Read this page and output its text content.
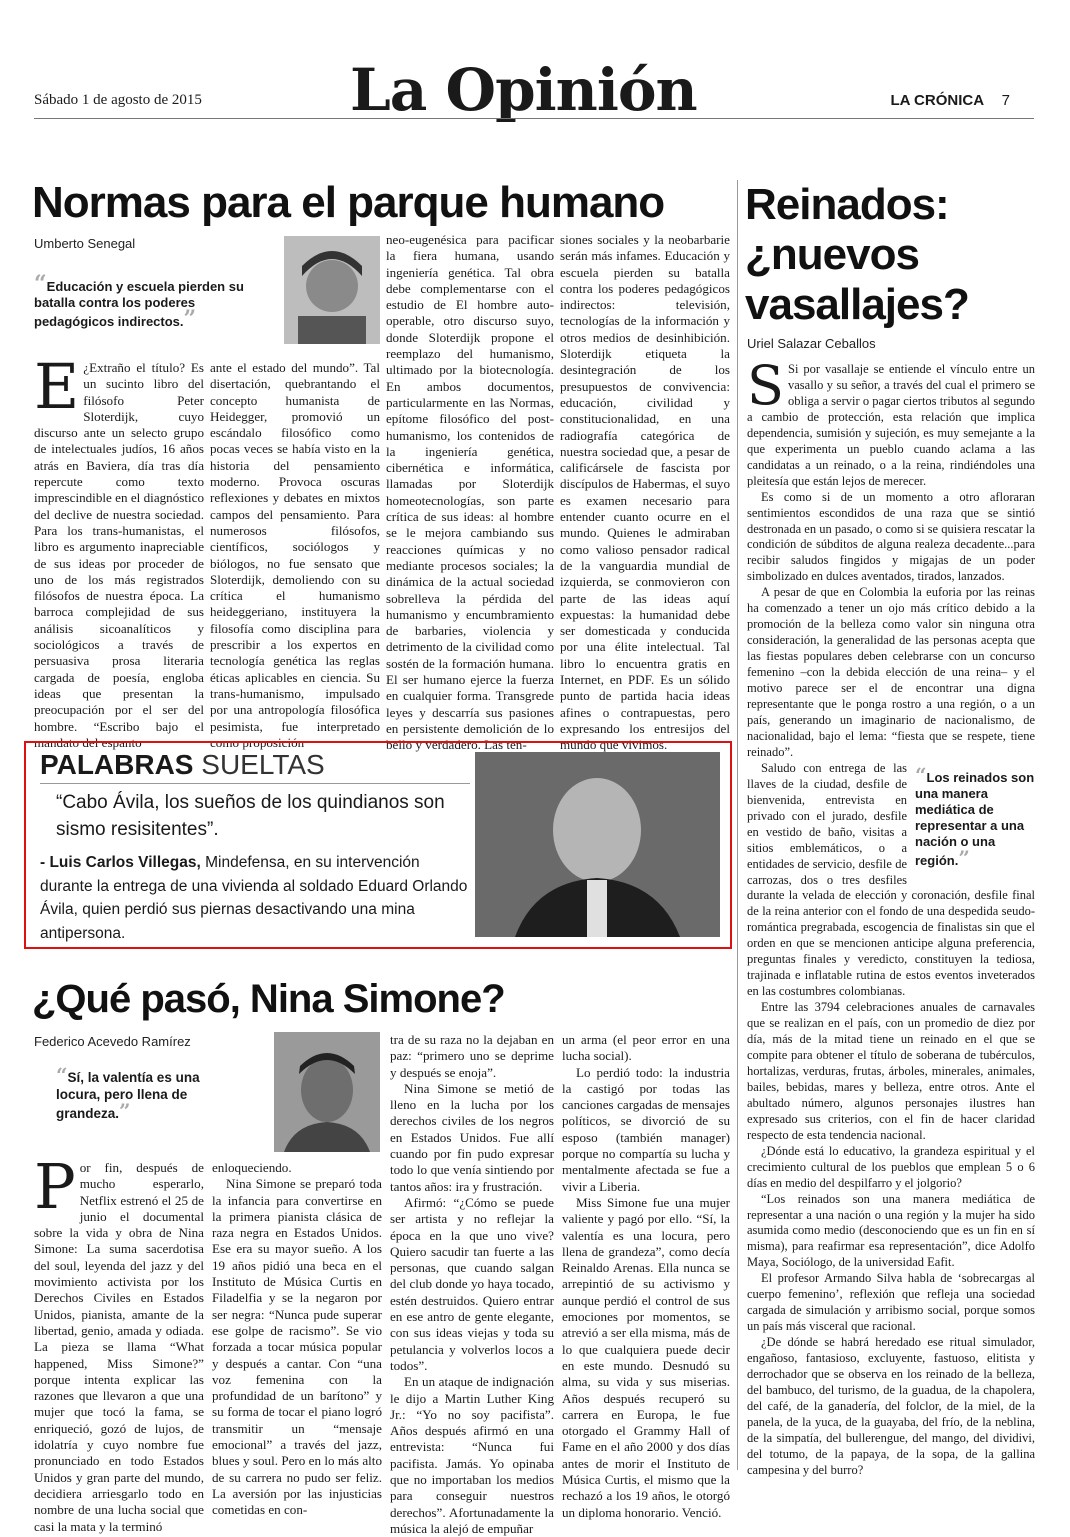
Sábado 1 de agosto de 2015	La Opinión	LA CRÓNICA 7
Normas para el parque humano
Umberto Senegal
“Educación y escuela pierden su batalla contra los poderes pedagógicos indirectos.”

E ¿Extraño el título? Es un sucinto libro del filósofo Peter Sloterdijk, cuyo discurso ante un selecto grupo de intelectuales judíos, 16 años atrás en Baviera, día tras día repercute como texto imprescindible en el diagnóstico del declive de nuestra sociedad. Para los trans-humanistas, el libro es argumento inapreciable de sus ideas por proceder de uno de los más registrados filósofos de nuestra época. La barroca complejidad de sus análisis sicoanalíticos y sociológicos a través de persuasiva prosa literaria cargada de poesía, engloba ideas que presentan la preocupación por el ser del hombre. “Escribo bajo el mandato del espanto

ante el estado del mundo”. Tal disertación, quebrantando el concepto humanista de Heidegger, promovió un escándalo filosófico como pocas veces se había visto en la historia del pensamiento moderno. Provoca oscuras reflexiones y debates en mixtos campos del pensamiento. Para numerosos filósofos, científicos, sociólogos y biólogos, no fue sensato que Sloterdijk, demoliendo con su crítica el humanismo heideggeriano, instituyera la filosofía como disciplina para prescribir a los expertos en tecnología genética las reglas éticas aplicables en ciencia. Su trans-humanismo, impulsado por una antropología filosófica pesimista, fue interpretado como proposición

neo-eugenésica para pacificar la fiera humana, usando ingeniería genética. Tal obra debe complementarse con el estudio de El hombre auto-operable, otro discurso suyo, donde Sloterdijk propone el reemplazo del humanismo, ultimado por la biotecnología. En ambos documentos, particularmente en las Normas, epítome filosófico del post-humanismo, los contenidos de la ingeniería genética, cibernética e informática, llamadas por Sloterdijk homeotecnologías, son parte crítica de sus ideas: al hombre se le mejora cambiando sus reacciones químicas y no mediante procesos sociales; la dinámica de la actual sociedad sobrelleva la pérdida del humanismo y encumbramiento de barbaries, violencia y detrimento de la civilidad como sostén de la formación humana. El ser humano ejerce la fuerza en cualquier forma. Transgrede leyes y descarría sus pasiones en persistente demolición de lo bello y verdadero. Las ten-

siones sociales y la neobarbarie serán más infames. Educación y escuela pierden su batalla contra los poderes pedagógicos indirectos: televisión, tecnologías de la información y otros medios de desinhibición. Sloterdijk etiqueta la desintegración de los presupuestos de convivencia: educación, civilidad y constitucionalidad, en una radiografía categórica de nuestra sociedad que, a pesar de calificársele de fascista por discípulos de Habermas, el suyo es examen necesario para entender cuanto ocurre en el mundo. Quienes le admiraban como valioso pensador radical de la vanguardia mundial de izquierda, se conmovieron con parte de las ideas aquí expuestas: la humanidad debe ser domesticada y conducida por una élite intelectual. Tal libro lo encuentra gratis en Internet, en PDF. Es un sólido punto de partida hacia ideas afines o contrapuestas, pero expresando los entresijos del mundo que vivimos.

Reinados: ¿nuevos vasallajes?
Uriel Salazar Ceballos

S Si por vasallaje se entiende el vínculo entre un vasallo y su señor, a través del cual el primero se obliga a servir o pagar ciertos tributos al segundo a cambio de protección, esta relación que implica dependencia, sumisión y sujeción, es muy semejante a la que experimenta un pueblo cuando aclama a las candidatas a un reinado, o a la reina, rindiéndoles una pleitesía que están lejos de merecer.

Es como si de un momento a otro afloraran sentimientos escondidos de una raza que se sintió destronada en un pasado, o como si se quisiera rescatar la condición de súbditos de alguna realeza decadente...para recibir saludos fingidos y migajas de un poder simbolizado en dulces aventados, tirados, lanzados.

A pesar de que en Colombia la euforia por las reinas ha comenzado a tener un ojo más crítico debido a la promoción de la belleza como valor sin ninguna otra consideración, la generalidad de las personas acepta que las fiestas populares deben celebrarse con un concurso femenino –con la debida elección de una reina– y el motivo parece ser el de encontrar una digna representante que le ponga rostro a una región, o a un país, generando un imaginario de nacionalismo, de nacionalidad, bajo el lema: “fiesta que se respete, tiene reinado”.

“Los reinados son una manera mediática de representar a una nación o una región.”
Saludo con entrega de las llaves de la ciudad, desfile de bienvenida, entrevista en privado con el jurado, desfile en vestido de baño, visitas a sitios emblemáticos, o a entidades de servicio, desfile de carrozas, dos o tres desfiles durante la velada de elección y coronación, desfile final de la reina anterior con el fondo de una despedida seudo-romántica pregrabada, escogencia de finalistas sin que el orden en que se mencionen anticipe alguna preferencia, preguntas finales y veredicto, constituyen la tediosa, trajinada e inflatable rutina de estos eventos inveterados en las costumbres colombianas.

Entre las 3794 celebraciones anuales de carnavales que se realizan en el país, con un promedio de diez por día, más de la mitad tiene un reinado en el que se compite para obtener el título de soberana de tubérculos, hortalizas, verduras, frutas, árboles, minerales, animales, bailes, bebidas, mares y belleza, entre otros. Ante el abultado número, algunos personajes ilustres han expresado sus criterios, con el fin de hacer claridad respecto de esta tendencia nacional.

¿Dónde está lo educativo, la grandeza espiritual y el crecimiento cultural de los pueblos que emplean 5 o 6 días en medio del despilfarro y el jolgorio?

“Los reinados son una manera mediática de representar a una nación o una región y la mujer ha sido asumida como medio (desconociendo que es un fin en sí misma), para reafirmar esa representación”, dice Adolfo Maya, Sociólogo, de la universidad Eafit.

El profesor Armando Silva habla de ‘sobrecargas al cuerpo femenino’, reflexión que refleja una sociedad cargada de simulación y arribismo social, porque somos un país más visceral que racional.

¿De dónde se habrá heredado ese ritual simulador, engañoso, fantasioso, excluyente, fastuoso, elitista y derrochador que se observa en los reinado de la belleza, del bambuco, del turismo, de la guadua, de la chapolera, del café, de la ganadería, del folclor, de la miel, de la panela, de la yuca, de la guayaba, del frío, de la neblina, de la simpatía, del bullerengue, del mango, del dividivi, del totumo, de la papaya, de la sopa, de la gallina campesina y del burro?

PALABRAS SUELTAS
“Cabo Ávila, los sueños de los quindianos son sismo resisitentes”.
- Luis Carlos Villegas, Mindefensa, en su intervención durante la entrega de una vivienda al soldado Eduard Orlando Ávila, quien perdió sus piernas desactivando una mina antipersona.
¿Qué pasó, Nina Simone?
Federico Acevedo Ramírez
“Sí, la valentía es una locura, pero llena de grandeza.”

Por fin, después de mucho esperarlo, Netflix estrenó el 25 de junio el documental sobre la vida y obra de Nina Simone: La suma sacerdotisa del soul, leyenda del jazz y del movimiento activista por los Derechos Civiles en Estados Unidos, pianista, amante de la libertad, genio, amada y odiada. La pieza se llama “What happened, Miss Simone?” porque intenta explicar las razones que llevaron a que una mujer que tocó la fama, se enriqueció, gozó de lujos, de idolatría y cuyo nombre fue pronunciado en todo Estados Unidos y gran parte del mundo, decidiera arriesgarlo todo en nombre de una lucha social que casi la mata y la terminó

enloqueciendo.

Nina Simone se preparó toda la infancia para convertirse en la primera pianista clásica de raza negra en Estados Unidos. Ese era su mayor sueño. A los 19 años pidió una beca en el Instituto de Música Curtis en Filadelfia y se la negaron por ser negra: “Nunca pude superar ese golpe de racismo”. Se vio forzada a tocar música popular y después a cantar. Con “una voz femenina con la profundidad de un barítono” y su forma de tocar el piano logró transmitir un “mensaje emocional” a través del jazz, blues y soul. Pero en lo más alto de su carrera no pudo ser feliz. La aversión por las injusticias cometidas en con-

tra de su raza no la dejaban en paz: “primero uno se deprime y después se enoja”.

Nina Simone se metió de lleno en la lucha por los derechos civiles de los negros en Estados Unidos. Fue allí cuando por fin pudo expresar todo lo que venía sintiendo por tantos años: ira y frustración.

Afirmó: “¿Cómo se puede ser artista y no reflejar la época en la que uno vive? Quiero sacudir tan fuerte a las personas, que cuando salgan del club donde yo haya tocado, estén destruidos. Quiero entrar en ese antro de gente elegante, con sus ideas viejas y toda su petulancia y volverlos locos a todos”.

En un ataque de indignación le dijo a Martin Luther King Jr.: “Yo no soy pacifista”. Años después afirmó en una entrevista: “Nunca fui pacifista. Jamás. Yo opinaba que no importaban los medios para conseguir nuestros derechos”. Afortunadamente la música la alejó de empuñar

un arma (el peor error en una lucha social).

Lo perdió todo: la industria la castigó por todas las canciones cargadas de mensajes políticos, se divorció de su esposo (también manager) porque no compartía su lucha y mentalmente afectada se fue a vivir a Liberia.

Miss Simone fue una mujer valiente y pagó por ello. “Sí, la valentía es una locura, pero llena de grandeza”, como decía Reinaldo Arenas. Ella nunca se arrepintió de su activismo y aunque perdió el control de sus emociones por momentos, se atrevió a ser ella misma, más de lo que cualquiera puede decir en este mundo. Desnudó su alma, su vida y sus miserias. Años después recuperó su carrera en Europa, le fue otorgado el Grammy Hall of Fame en el año 2000 y dos días antes de morir el Instituto de Música Curtis, el mismo que la rechazó a los 19 años, le otorgó un diploma honorario. Venció.
